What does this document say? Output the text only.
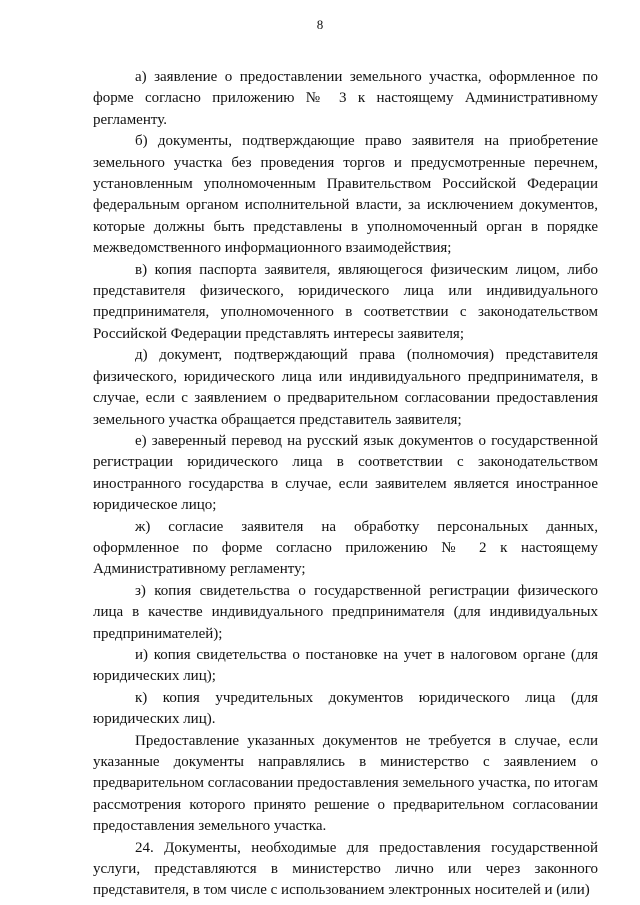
8

а) заявление о предоставлении земельного участка, оформленное по форме согласно приложению № 3 к настоящему Административному регламенту.

б) документы, подтверждающие право заявителя на приобретение земельного участка без проведения торгов и предусмотренные перечнем, установленным уполномоченным Правительством Российской Федерации федеральным органом исполнительной власти, за исключением документов, которые должны быть представлены в уполномоченный орган в порядке межведомственного информационного взаимодействия;

в) копия паспорта заявителя, являющегося физическим лицом, либо представителя физического, юридического лица или индивидуального предпринимателя, уполномоченного в соответствии с законодательством Российской Федерации представлять интересы заявителя;

д) документ, подтверждающий права (полномочия) представителя физического, юридического лица или индивидуального предпринимателя, в случае, если с заявлением о предварительном согласовании предоставления земельного участка обращается представитель заявителя;

е) заверенный перевод на русский язык документов о государственной регистрации юридического лица в соответствии с законодательством иностранного государства в случае, если заявителем является иностранное юридическое лицо;

ж) согласие заявителя на обработку персональных данных, оформленное по форме согласно приложению № 2 к настоящему Административному регламенту;

з) копия свидетельства о государственной регистрации физического лица в качестве индивидуального предпринимателя (для индивидуальных предпринимателей);

и) копия свидетельства о постановке на учет в налоговом органе (для юридических лиц);

к) копия учредительных документов юридического лица (для юридических лиц).

Предоставление указанных документов не требуется в случае, если указанные документы направлялись в министерство с заявлением о предварительном согласовании предоставления земельного участка, по итогам рассмотрения которого принято решение о предварительном согласовании предоставления земельного участка.

24. Документы, необходимые для предоставления государственной услуги, представляются в министерство лично или через законного представителя, в том числе с использованием электронных носителей и (или)
